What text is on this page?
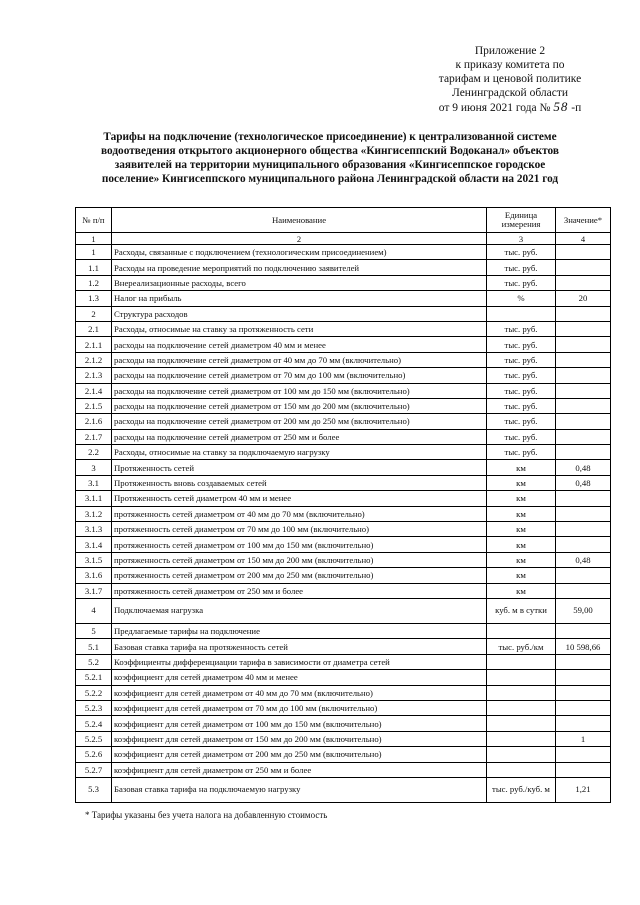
Приложение 2
к приказу комитета по
тарифам и ценовой политике
Ленинградской области
от 9 июня 2021 года № 58 -п
Тарифы на подключение (технологическое присоединение) к централизованной системе
водоотведения открытого акционерного общества «Кингисеппский Водоканал» объектов
заявителей на территории муниципального образования «Кингисеппское городское
поселение» Кингисеппского муниципального района Ленинградской области на 2021 год
№ п/п	Наименование	Единица измерения	Значение*
1	2	3	4
1	Расходы, связанные с подключением (технологическим присоединением)	тыс. руб.	
1.1	Расходы на проведение мероприятий по подключению заявителей	тыс. руб.	
1.2	Внереализационные расходы, всего	тыс. руб.	
1.3	Налог на прибыль	%	20
2	Структура расходов		
2.1	Расходы, относимые на ставку за протяженность сети	тыс. руб.	
2.1.1	расходы на подключение сетей диаметром 40 мм и менее	тыс. руб.	
2.1.2	расходы на подключение сетей диаметром от 40 мм до 70 мм (включительно)	тыс. руб.	
2.1.3	расходы на подключение сетей диаметром от 70 мм до 100 мм (включительно)	тыс. руб.	
2.1.4	расходы на подключение сетей диаметром от 100 мм до 150 мм (включительно)	тыс. руб.	
2.1.5	расходы на подключение сетей диаметром от 150 мм до 200 мм (включительно)	тыс. руб.	
2.1.6	расходы на подключение сетей диаметром от 200 мм до 250 мм (включительно)	тыс. руб.	
2.1.7	расходы на подключение сетей диаметром от 250 мм и более	тыс. руб.	
2.2	Расходы, относимые на ставку за подключаемую нагрузку	тыс. руб.	
3	Протяженность сетей	км	0,48
3.1	Протяженность вновь создаваемых сетей	км	0,48
3.1.1	Протяженность сетей диаметром 40 мм и менее	км	
3.1.2	протяженность сетей диаметром от 40 мм до 70 мм (включительно)	км	
3.1.3	протяженность сетей диаметром от 70 мм до 100 мм (включительно)	км	
3.1.4	протяженность сетей диаметром от 100 мм до 150 мм (включительно)	км	
3.1.5	протяженность сетей диаметром от 150 мм до 200 мм (включительно)	км	0,48
3.1.6	протяженность сетей диаметром от 200 мм до 250 мм (включительно)	км	
3.1.7	протяженность сетей диаметром от 250 мм и более	км	
4	Подключаемая нагрузка	куб. м в сутки	59,00
5	Предлагаемые тарифы на подключение		
5.1	Базовая ставка тарифа на протяженность сетей	тыс. руб./км	10 598,66
5.2	Коэффициенты дифференциации тарифа в зависимости от диаметра сетей		
5.2.1	коэффициент для сетей диаметром 40 мм и менее		
5.2.2	коэффициент для сетей диаметром от 40 мм до 70 мм (включительно)		
5.2.3	коэффициент для сетей диаметром от 70 мм до 100 мм (включительно)		
5.2.4	коэффициент для сетей диаметром от 100 мм до 150 мм (включительно)		
5.2.5	коэффициент для сетей диаметром от 150 мм до 200 мм (включительно)		1
5.2.6	коэффициент для сетей диаметром от 200 мм до 250 мм (включительно)		
5.2.7	коэффициент для сетей диаметром от 250 мм и более		
5.3	Базовая ставка тарифа на подключаемую нагрузку	тыс. руб./куб. м	1,21
* Тарифы указаны без учета налога на добавленную стоимость
